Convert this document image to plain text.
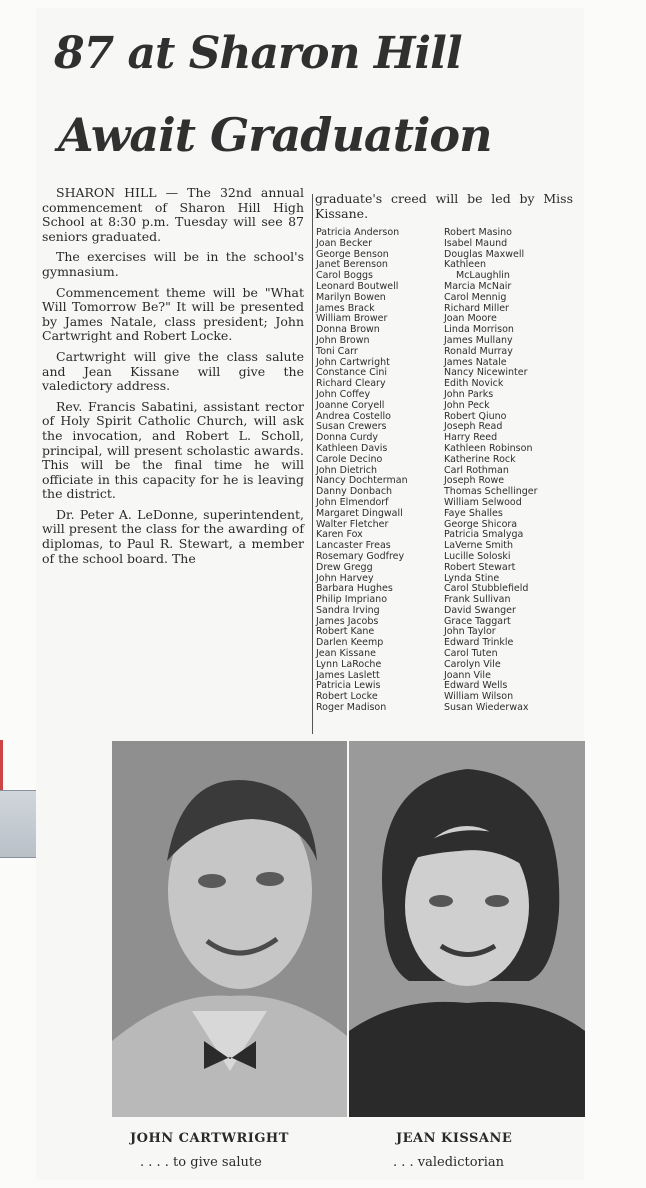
87 at Sharon Hill
Await Graduation

SHARON HILL — The 32nd annual commencement of Sharon Hill High School at 8:30 p.m. Tuesday will see 87 seniors graduated.

The exercises will be in the school's gymnasium.

Commencement theme will be "What Will Tomorrow Be?" It will be presented by James Natale, class president; John Cartwright and Robert Locke.

Cartwright will give the class salute and Jean Kissane will give the valedictory address.

Rev. Francis Sabatini, assistant rector of Holy Spirit Catholic Church, will ask the invocation, and Robert L. Scholl, principal, will present scholastic awards. This will be the final time he will officiate in this capacity for he is leaving the district.

Dr. Peter A. LeDonne, superintendent, will present the class for the awarding of diplomas, to Paul R. Stewart, a member of the school board. The

graduate's creed will be led by Miss Kissane.

Patricia Anderson
Joan Becker
George Benson
Janet Berenson
Carol Boggs
Leonard Boutwell
Marilyn Bowen
James Brack
William Brower
Donna Brown
John Brown
Toni Carr
John Cartwright
Constance Cini
Richard Cleary
John Coffey
Joanne Coryell
Andrea Costello
Susan Crewers
Donna Curdy
Kathleen Davis
Carole Decino
John Dietrich
Nancy Dochterman
Danny Donbach
John Elmendorf
Margaret Dingwall
Walter Fletcher
Karen Fox
Lancaster Freas
Rosemary Godfrey
Drew Gregg
John Harvey
Barbara Hughes
Philip Impriano
Sandra Irving
James Jacobs
Robert Kane
Darlen Keemp
Jean Kissane
Lynn LaRoche
James Laslett
Patricia Lewis
Robert Locke
Roger Madison
Robert Masino
Isabel Maund
Douglas Maxwell
Kathleen
McLaughlin
Marcia McNair
Carol Mennig
Richard Miller
Joan Moore
Linda Morrison
James Mullany
Ronald Murray
James Natale
Nancy Nicewinter
Edith Novick
John Parks
John Peck
Robert Qiuno
Joseph Read
Harry Reed
Kathleen Robinson
Katherine Rock
Carl Rothman
Joseph Rowe
Thomas Schellinger
William Selwood
Faye Shalles
George Shicora
Patricia Smalyga
LaVerne Smith
Lucille Soloski
Robert Stewart
Lynda Stine
Carol Stubblefield
Frank Sullivan
David Swanger
Grace Taggart
John Taylor
Edward Trinkle
Carol Tuten
Carolyn Vile
Joann Vile
Edward Wells
William Wilson
Susan Wiederwax
JOHN CARTWRIGHT
. . . . to give salute
JEAN KISSANE
. . . valedictorian
